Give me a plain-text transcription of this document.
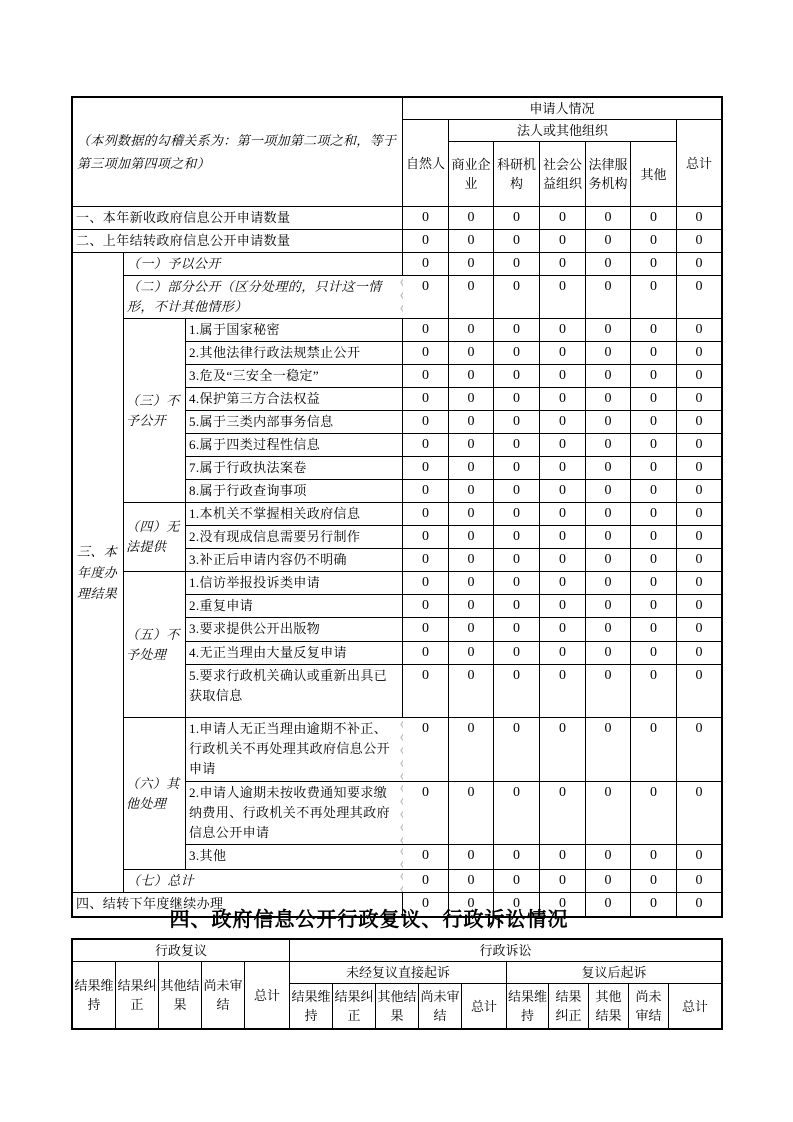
（本列数据的勾稽关系为：第一项加第二项之和，等于第三项加第四项之和）			申请人情况						
			自然人	法人或其他组织					总计
				商业企业	科研机构	社会公益组织	法律服务机构	其他	
一、本年新收政府信息公开申请数量			0	0	0	0	0	0	0
二、上年结转政府信息公开申请数量			0	0	0	0	0	0	0
三、本年度办理结果	（一）予以公开		0	0	0	0	0	0	0
	（二）部分公开（区分处理的，只计这一情形，不计其他情形）		0	0	0	0	0	0	0
	（三）不予公开	1.属于国家秘密	0	0	0	0	0	0	0
		2.其他法律行政法规禁止公开	0	0	0	0	0	0	0
		3.危及“三安全一稳定”	0	0	0	0	0	0	0
		4.保护第三方合法权益	0	0	0	0	0	0	0
		5.属于三类内部事务信息	0	0	0	0	0	0	0
		6.属于四类过程性信息	0	0	0	0	0	0	0
		7.属于行政执法案卷	0	0	0	0	0	0	0
		8.属于行政查询事项	0	0	0	0	0	0	0
	（四）无法提供	1.本机关不掌握相关政府信息	0	0	0	0	0	0	0
		2.没有现成信息需要另行制作	0	0	0	0	0	0	0
		3.补正后申请内容仍不明确	0	0	0	0	0	0	0
	（五）不予处理	1.信访举报投诉类申请	0	0	0	0	0	0	0
		2.重复申请	0	0	0	0	0	0	0
		3.要求提供公开出版物	0	0	0	0	0	0	0
		4.无正当理由大量反复申请	0	0	0	0	0	0	0
		5.要求行政机关确认或重新出具已获取信息	0	0	0	0	0	0	0
	（六）其他处理	1.申请人无正当理由逾期不补正、行政机关不再处理其政府信息公开申请	0	0	0	0	0	0	0
		2.申请人逾期未按收费通知要求缴纳费用、行政机关不再处理其政府信息公开申请	0	0	0	0	0	0	0
		3.其他	0	0	0	0	0	0	0
	（七）总计		0	0	0	0	0	0	0
四、结转下年度继续办理			0	0	0	0	0	0	0
四、政府信息公开行政复议、行政诉讼情况
行政复议					行政诉讼									
结果维持	结果纠正	其他结果	尚未审结	总计	未经复议直接起诉					复议后起诉				
					结果维持	结果纠正	其他结果	尚未审结	总计	结果维持	结果纠正	其他结果	尚未审结	总计
